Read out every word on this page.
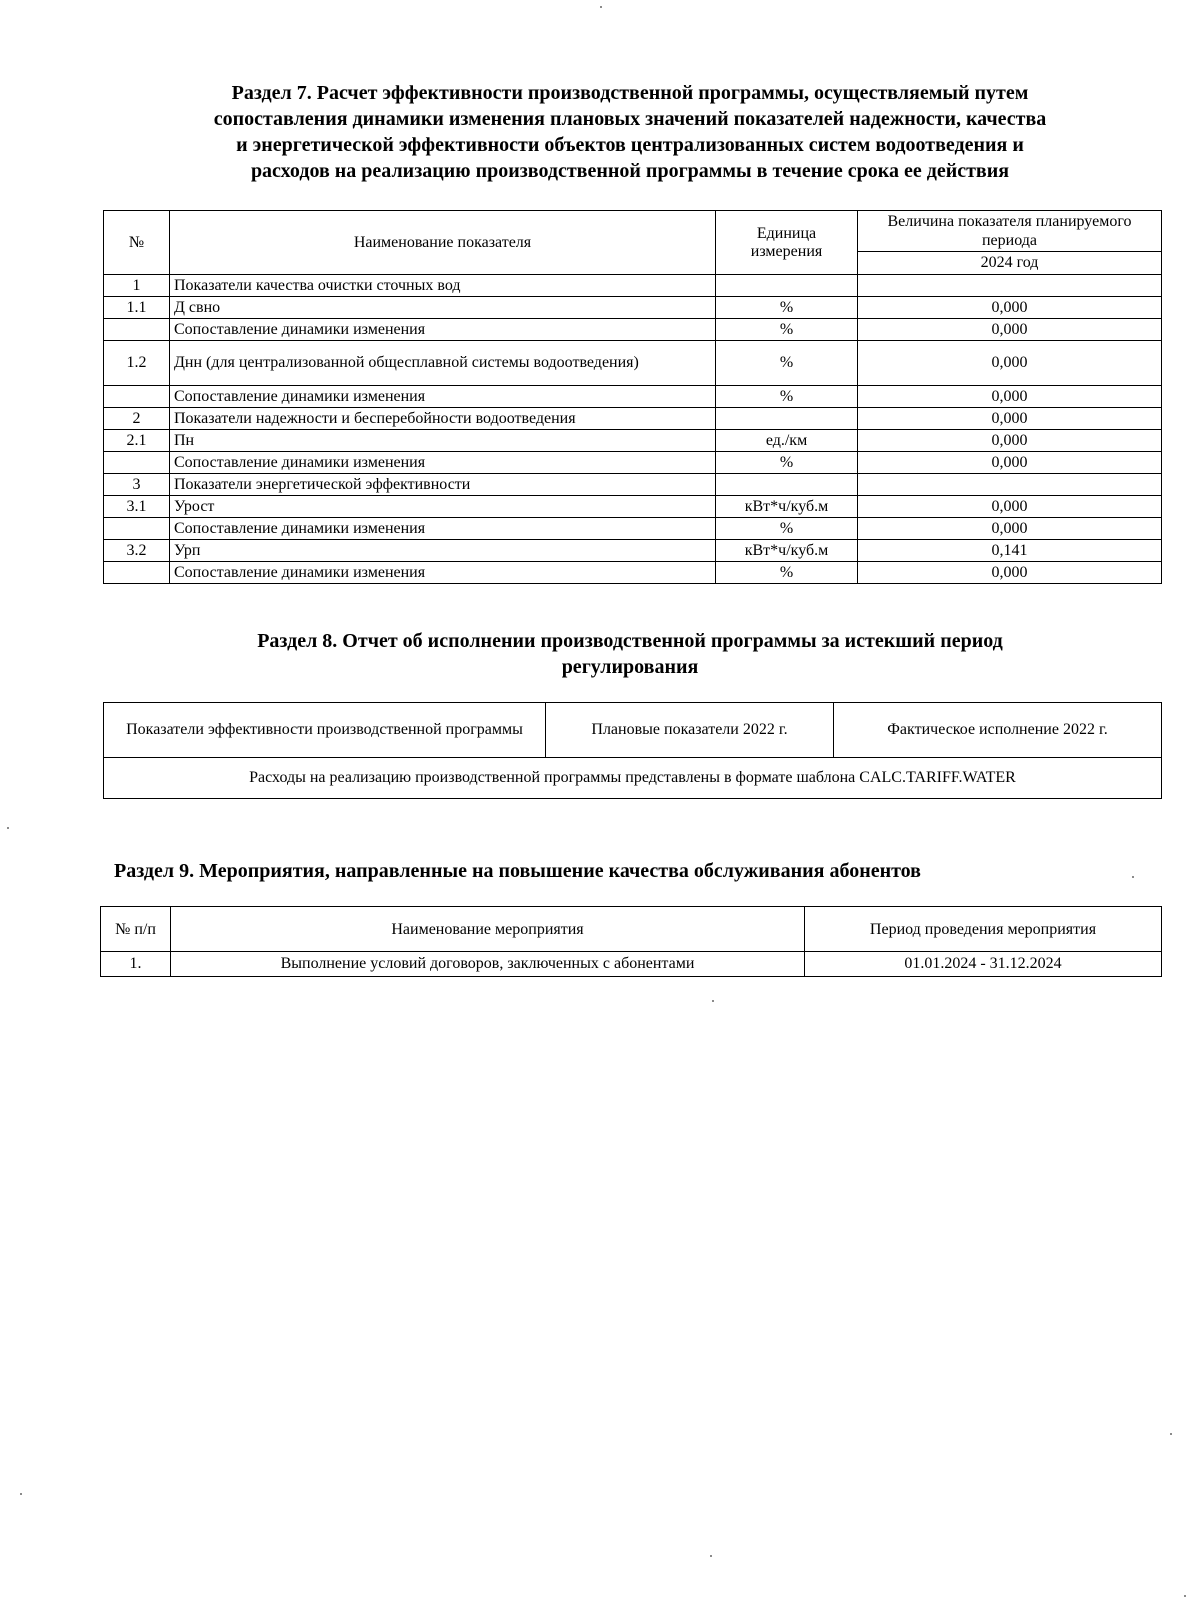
Раздел 7. Расчет эффективности производственной программы, осуществляемый путем
сопоставления динамики изменения плановых значений показателей надежности, качества
и энергетической эффективности объектов централизованных систем водоотведения и
расходов на реализацию производственной программы в течение срока ее действия
№	Наименование показателя	Единица измерения	Величина показателя планируемого периода
			2024 год
1	Показатели качества очистки сточных вод		
1.1	Д свно	%	0,000
	Сопоставление динамики изменения	%	0,000
1.2	Днн (для централизованной общесплавной системы водоотведения)	%	0,000
	Сопоставление динамики изменения	%	0,000
2	Показатели надежности и бесперебойности водоотведения		0,000
2.1	Пн	ед./км	0,000
	Сопоставление динамики изменения	%	0,000
3	Показатели энергетической эффективности		
3.1	Урост	кВт*ч/куб.м	0,000
	Сопоставление динамики изменения	%	0,000
3.2	Урп	кВт*ч/куб.м	0,141
	Сопоставление динамики изменения	%	0,000
Раздел 8. Отчет об исполнении производственной программы за истекший период
регулирования
Показатели эффективности производственной программы	Плановые показатели 2022 г.	Фактическое исполнение 2022 г.
Расходы на реализацию производственной программы представлены в формате шаблона CALC.TARIFF.WATER
Раздел 9. Мероприятия, направленные на повышение качества обслуживания абонентов
№ п/п	Наименование мероприятия	Период проведения мероприятия
1.	Выполнение условий договоров, заключенных с абонентами	01.01.2024 - 31.12.2024
